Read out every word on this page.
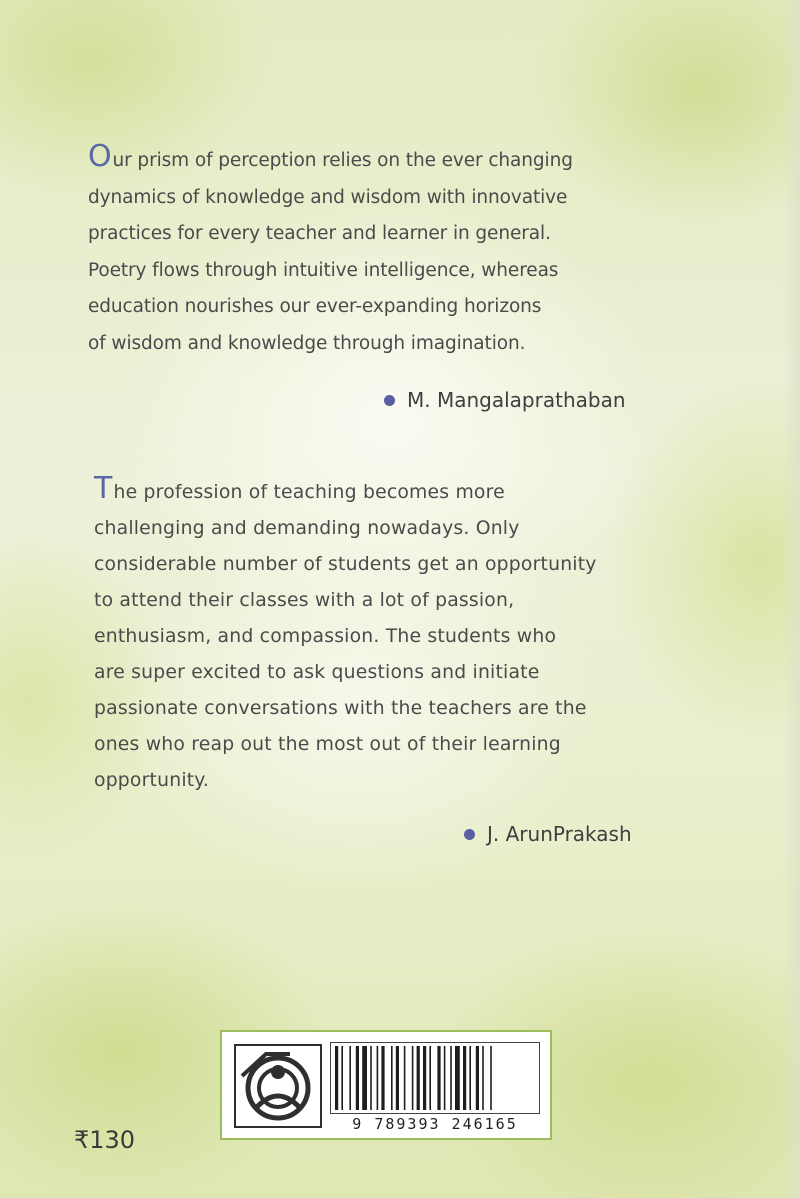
Our prism of perception relies on the ever changing
dynamics of knowledge and wisdom with innovative
practices for every teacher and learner in general.
Poetry flows through intuitive intelligence, whereas
education nourishes our ever-expanding horizons
of wisdom and knowledge through imagination.

M. Mangalaprathaban

The profession of teaching becomes more
challenging and demanding nowadays. Only
considerable number of students get an opportunity
to attend their classes with a lot of passion,
enthusiasm, and compassion. The students who
are super excited to ask questions and initiate
passionate conversations with the teachers are the
ones who reap out the most out of their learning
opportunity.

J. ArunPrakash
9 789393 246165
₹130
